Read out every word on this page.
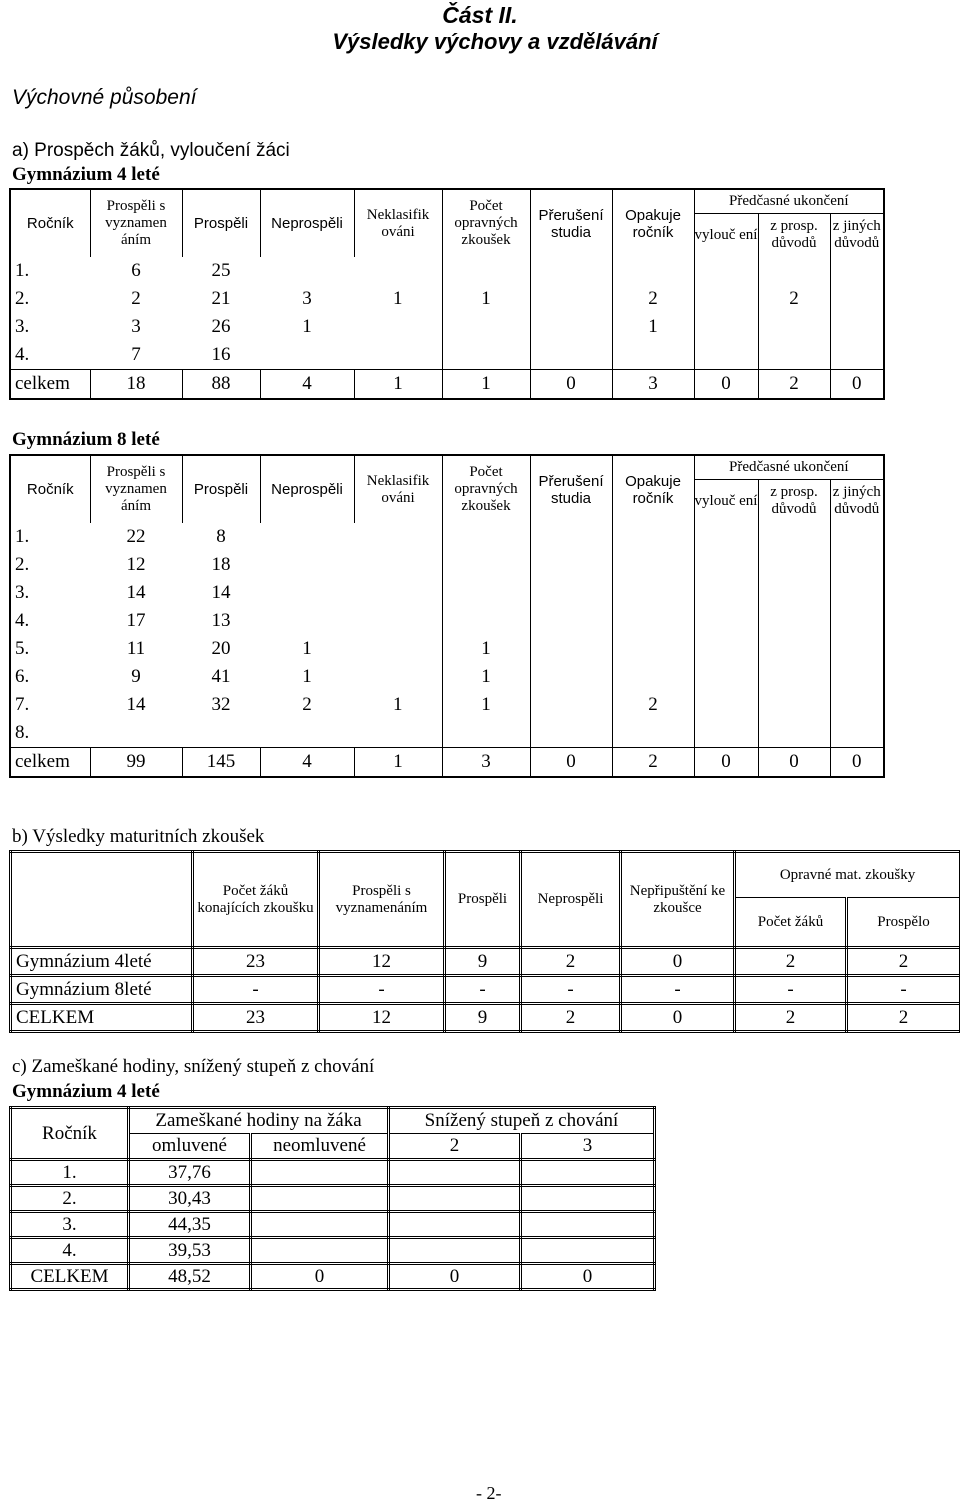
Část II.
Výsledky výchovy a vzdělávání
Výchovné působení
a) Prospěch žáků, vyloučení žáci
Gymnázium 4 leté
Ročník	Prospěli s vyznamen áním	Prospěli	Neprospěli	Neklasifik ováni	Počet opravných zkoušek	Přerušení studia	Opakuje ročník	Předčasné ukončení		
								vylouč ení	z prosp. důvodů	z jiných důvodů
1.	6	25								
2.	2	21	3	1	1		2		2	
3.	3	26	1				1			
4.	7	16								
celkem	18	88	4	1	1	0	3	0	2	0
Gymnázium 8 leté
Ročník	Prospěli s vyznamen áním	Prospěli	Neprospěli	Neklasifik ováni	Počet opravných zkoušek	Přerušení studia	Opakuje ročník	Předčasné ukončení		
								vylouč ení	z prosp. důvodů	z jiných důvodů
1.	22	8								
2.	12	18								
3.	14	14								
4.	17	13								
5.	11	20	1		1					
6.	9	41	1		1					
7.	14	32	2	1	1		2			
8.										
celkem	99	145	4	1	3	0	2	0	0	0
b) Výsledky maturitních zkoušek
	Počet žáků konajících zkoušku	Prospěli s vyznamenáním	Prospěli	Neprospěli	Nepřipuštění ke zkoušce	Opravné mat. zkoušky	
						Počet žáků	Prospělo
Gymnázium 4leté	23	12	9	2	0	2	2
Gymnázium 8leté	-	-	-	-	-	-	-
CELKEM	23	12	9	2	0	2	2
c) Zameškané hodiny, snížený stupeň z chování
Gymnázium 4 leté
Ročník	Zameškané hodiny na žáka		Snížený stupeň z chování	
	omluvené	neomluvené	2	3
1.	37,76			
2.	30,43			
3.	44,35			
4.	39,53			
CELKEM	48,52	0	0	0
- 2-
